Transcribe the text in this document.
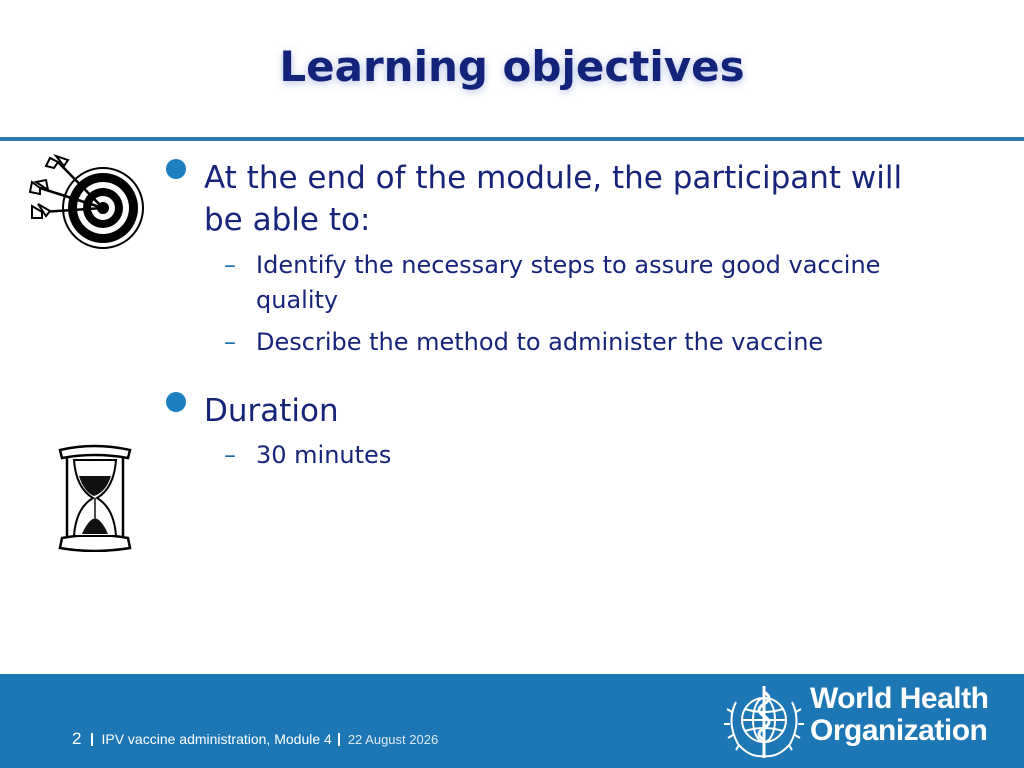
Learning objectives
At the end of the module, the participant will
be able to:
– Identify the necessary steps to assure good vaccine
quality
– Describe the method to administer the vaccine
Duration
– 30 minutes
2 IPV vaccine administration, Module 4 22 August 2026
World Health
Organization
